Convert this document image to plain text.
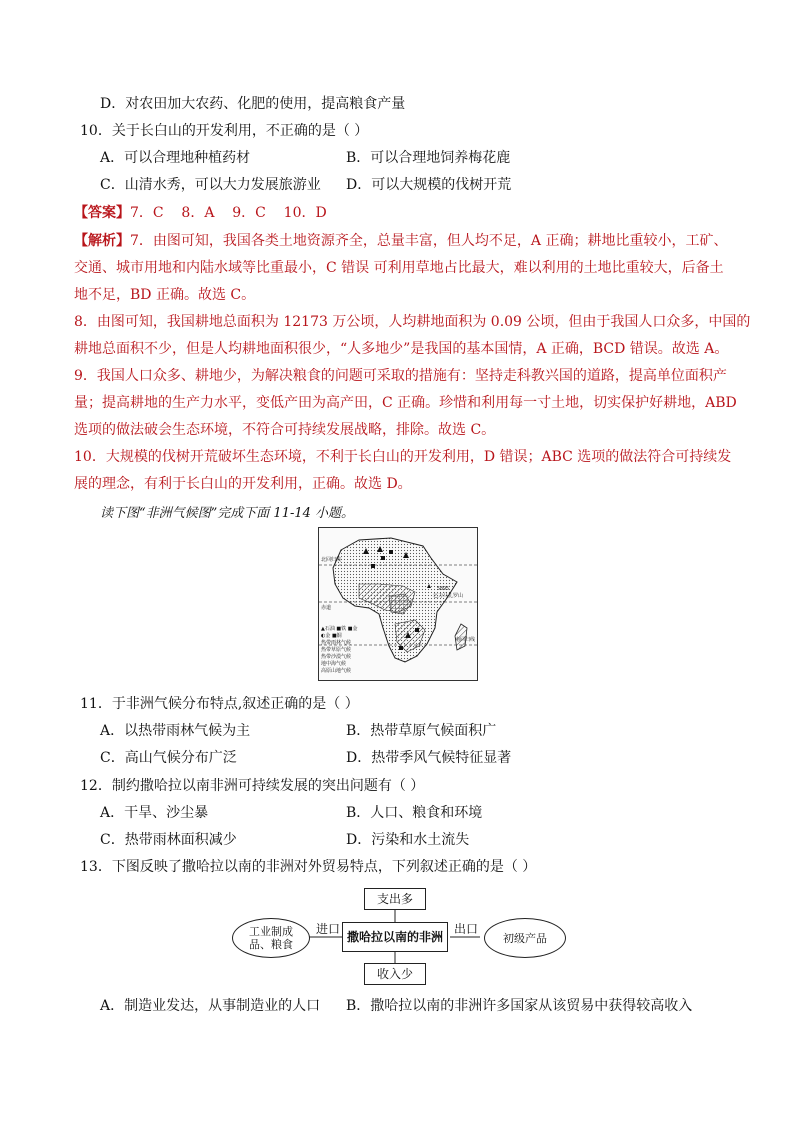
D．对农田加大农药、化肥的使用，提高粮食产量
10．关于长白山的开发利用，不正确的是（ ）
A．可以合理地种植药材	B．可以合理地饲养梅花鹿
C．山清水秀，可以大力发展旅游业 D．可以大规模的伐树开荒
【答案】7．C    8．A    9．C    10．D
【解析】7．由图可知，我国各类土地资源齐全，总量丰富，但人均不足，A 正确；耕地比重较小，工矿、
交通、城市用地和内陆水域等比重最小，C 错误 可利用草地占比最大，难以利用的土地比重较大，后备土
地不足，BD 正确。故选 C。
8．由图可知，我国耕地总面积为 12173 万公顷，人均耕地面积为 0.09 公顷，但由于我国人口众多，中国的
耕地总面积不少，但是人均耕地面积很少，“人多地少”是我国的基本国情，A 正确，BCD 错误。故选 A。
9．我国人口众多、耕地少，为解决粮食的问题可采取的措施有：坚持走科教兴国的道路，提高单位面积产
量；提高耕地的生产力水平，变低产田为高产田，C 正确。珍惜和利用每一寸土地，切实保护好耕地，ABD
选项的做法破会生态环境，不符合可持续发展战略，排除。故选 C。
10．大规模的伐树开荒破坏生态环境，不利于长白山的开发利用，D 错误；ABC 选项的做法符合可持续发
展的理念，有利于长白山的开发利用，正确。故选 D。
读下图“非洲气候图”完成下面 11-14 小题。
北回归线
赤道
5895
乞力马扎罗山
南回归线
▲石油 ■铁 ■金
◐金 ■铜
热带雨林气候
热带草原气候
热带沙漠气候
地中海气候
高原山地气候
11．于非洲气候分布特点,叙述正确的是（ ）
A．以热带雨林气候为主	B．热带草原气候面积广
C．高山气候分布广泛	D．热带季风气候特征显著
12．制约撒哈拉以南非洲可持续发展的突出问题有（ ）
A．干旱、沙尘暴	B．人口、粮食和环境
C．热带雨林面积减少	D．污染和水土流失
13．下图反映了撒哈拉以南的非洲对外贸易特点，下列叙述正确的是（ ）
支出多
撒哈拉以南的非洲
收入少
工业制成
品、粮食	初级产品
进口	出口
A．制造业发达，从事制造业的人口 B．撒哈拉以南的非洲许多国家从该贸易中获得较高收入
